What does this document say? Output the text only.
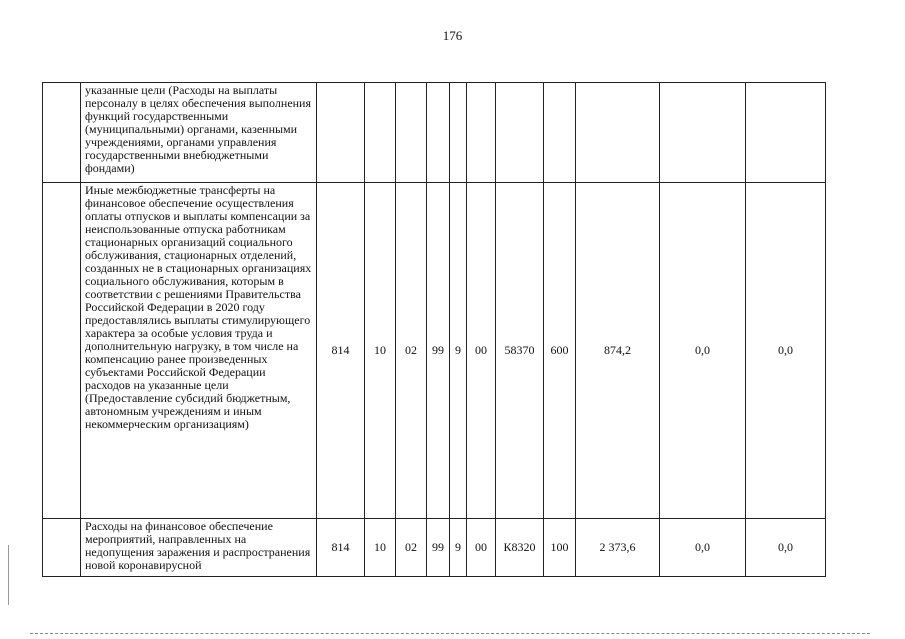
176
	указанные цели (Расходы на выплаты персоналу в целях обеспечения выполнения функций государственными (муниципальными) органами, казенными учреждениями, органами управления государственными внебюджетными фондами)											
	Иные межбюджетные трансферты на финансовое обеспечение осуществления оплаты отпусков и выплаты компенсации за неиспользованные отпуска работникам стационарных организаций социального обслуживания, стационарных отделений, созданных не в стационарных организациях социального обслуживания, которым в соответствии с решениями Правительства Российской Федерации в 2020 году предоставлялись выплаты стимулирующего характера за особые условия труда и дополнительную нагрузку, в том числе на компенсацию ранее произведенных субъектами Российской Федерации расходов на указанные цели (Предоставление субсидий бюджетным, автономным учреждениям и иным некоммерческим организациям)	814	10	02	99	9	00	58370	600	874,2	0,0	0,0
	Расходы на финансовое обеспечение мероприятий, направленных на недопущения заражения и распространения новой коронавирусной	814	10	02	99	9	00	К8320	100	2 373,6	0,0	0,0
